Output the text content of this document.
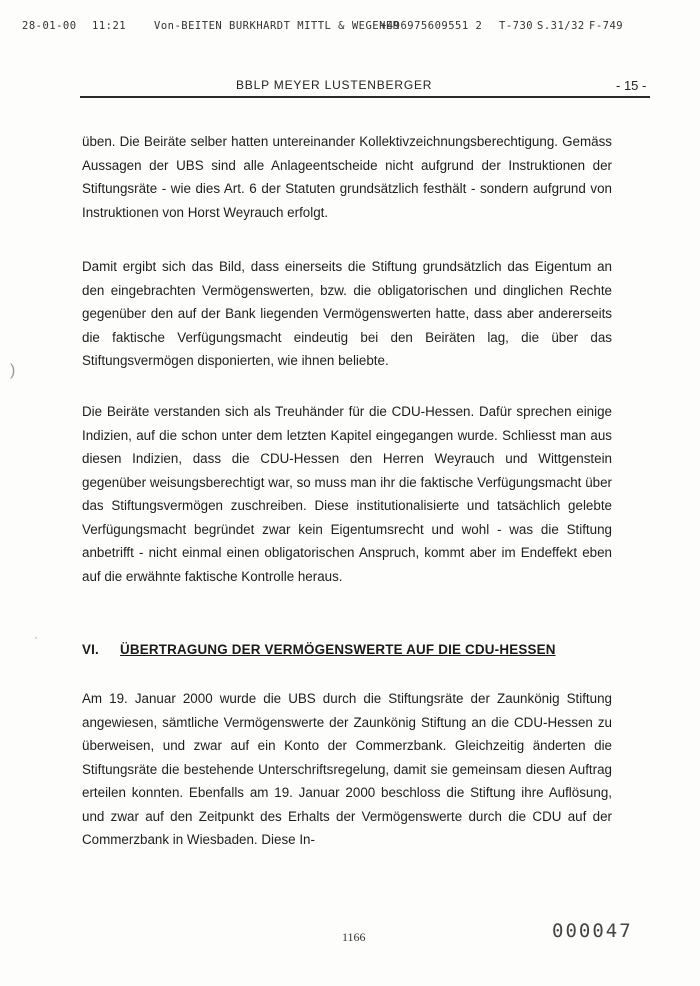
28-01-00 11:21	Von-BEITEN BURKHARDT MITTL & WEGENER
+496975609551 2 T-730 S.31/32 F-749
BBLP MEYER LUSTENBERGER	- 15 -

üben. Die Beiräte selber hatten untereinander Kollektivzeichnungsberechtigung. Gemäss Aussagen der UBS sind alle Anlageentscheide nicht aufgrund der Instruktionen der Stiftungsräte - wie dies Art. 6 der Statuten grundsätzlich festhält - sondern aufgrund von Instruktionen von Horst Weyrauch erfolgt.

Damit ergibt sich das Bild, dass einerseits die Stiftung grundsätzlich das Eigentum an den eingebrachten Vermögenswerten, bzw. die obligatorischen und dinglichen Rechte gegenüber den auf der Bank liegenden Vermögenswerten hatte, dass aber andererseits die faktische Verfügungsmacht eindeutig bei den Beiräten lag, die über das Stiftungsvermögen disponierten, wie ihnen beliebte.

Die Beiräte verstanden sich als Treuhänder für die CDU-Hessen. Dafür sprechen einige Indizien, auf die schon unter dem letzten Kapitel eingegangen wurde. Schliesst man aus diesen Indizien, dass die CDU-Hessen den Herren Weyrauch und Wittgenstein gegenüber weisungsberechtigt war, so muss man ihr die faktische Verfügungsmacht über das Stiftungsvermögen zuschreiben. Diese institutionalisierte und tatsächlich gelebte Verfügungsmacht begründet zwar kein Eigentumsrecht und wohl - was die Stiftung anbetrifft - nicht einmal einen obligatorischen Anspruch, kommt aber im Endeffekt eben auf die erwähnte faktische Kontrolle heraus.

VI. ÜBERTRAGUNG DER VERMÖGENSWERTE AUF DIE CDU-HESSEN

Am 19. Januar 2000 wurde die UBS durch die Stiftungsräte der Zaunkönig Stiftung angewiesen, sämtliche Vermögenswerte der Zaunkönig Stiftung an die CDU-Hessen zu überweisen, und zwar auf ein Konto der Commerzbank. Gleichzeitig änderten die Stiftungsräte die bestehende Unterschriftsregelung, damit sie gemeinsam diesen Auftrag erteilen konnten. Ebenfalls am 19. Januar 2000 beschloss die Stiftung ihre Auflösung, und zwar auf den Zeitpunkt des Erhalts der Vermögenswerte durch die CDU auf der Commerzbank in Wiesbaden. Diese In-

1166	000047
)
·
